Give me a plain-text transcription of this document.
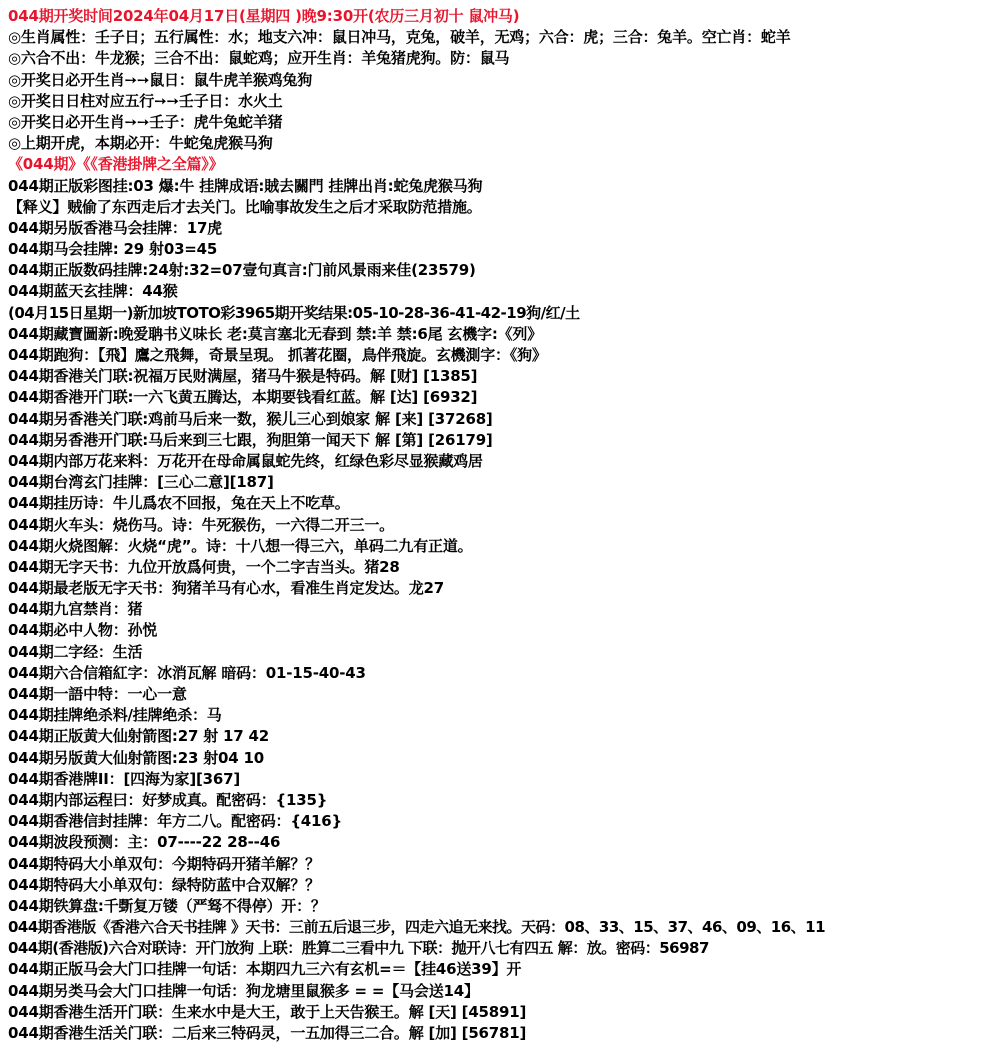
044期开奖时间2024年04月17日(星期四 )晚9:30开(农历三月初十 鼠冲马)
◎生肖属性：壬子日；五行属性：水；地支六冲：鼠日冲马，克兔，破羊，无鸡；六合：虎；三合：兔羊。空亡肖：蛇羊
◎六合不出：牛龙猴；三合不出：鼠蛇鸡；应开生肖：羊兔猪虎狗。防：鼠马
◎开奖日必开生肖➙➙鼠日：鼠牛虎羊猴鸡兔狗
◎开奖日日柱对应五行➙➙壬子日：水火土
◎开奖日必开生肖➙➙壬子：虎牛兔蛇羊猪
◎上期开虎，本期必开：牛蛇兔虎猴马狗
《044期》《《香港掛牌之全篇》》
044期正版彩图挂:03 爆:牛 挂牌成语:賊去關門 挂牌出肖:蛇兔虎猴马狗
【释义】贼偷了东西走后才去关门。比喻事故发生之后才采取防范措施。
044期另版香港马会挂牌：17虎
044期马会挂牌: 29 射03=45
044期正版数码挂牌:24射:32=07壹句真言:门前风景雨来佳(23579)
044期蓝天玄挂牌：44猴
(04月15日星期一)新加坡TOTO彩3965期开奖结果:05-10-28-36-41-42-19狗/红/土
044期藏寶圖新:晚爱聃书义味长 老:莫言塞北无春到 禁:羊 禁:6尾 玄機字:《列》
044期跑狗：【飛】鷹之飛舞，奇景呈現。 抓著花圈，鳥伴飛旋。玄機測字：《狗》
044期香港关门联:祝福万民财满屋，猪马牛猴是特码。解 [财] [1385]
044期香港开门联:一六飞黄五腾达，本期要钱看红蓝。解 [达] [6932]
044期另香港关门联:鸡前马后来一数，猴儿三心到娘家 解 [来] [37268]
044期另香港开门联:马后来到三七跟，狗胆第一闻天下 解 [第] [26179]
044期内部万花来料：万花开在母命属鼠蛇先终，红绿色彩尽显猴藏鸡居
044期台湾玄门挂牌：[三心二意][187]
044期挂历诗：牛儿爲农不回报，兔在天上不吃草。
044期火车头：烧伤马。诗：牛死猴伤，一六得二开三一。
044期火烧图解：火烧“虎”。诗：十八想一得三六，单码二九有正道。
044期无字天书：九位开放爲何贵，一个二字吉当头。猪28
044期最老版无字天书：狗猪羊马有心水，看准生肖定发达。龙27
044期九宫禁肖：猪
044期必中人物：孙悦
044期二字经：生活
044期六合信箱紅字：冰消瓦解 暗码：01-15-40-43
044期一語中特：一心一意
044期挂牌绝杀料/挂牌绝杀：马
044期正版黄大仙射箭图:27 射 17 42
044期另版黄大仙射箭图:23 射04 10
044期香港牌II：[四海为家][367]
044期内部运程曰：好梦成真。配密码：{135}
044期香港信封挂牌：年方二八。配密码：{416}
044期波段预测：主：07----22 28--46
044期特码大小单双句：今期特码开猪羊解？？
044期特码大小单双句：绿特防蓝中合双解？？
044期铁算盘:千斲复万镂（严驽不得停）开：？
044期香港版《香港六合天书挂牌 》天书：三前五后退三步，四走六追无来找。天码：08、33、15、37、46、09、16、11
044期(香港版)六合对联诗：开门放狗 上联：胜算二三看中九 下联：抛开八七有四五 解：放。密码：56987
044期正版马会大门口挂牌一句话：本期四九三六有玄机=＝【挂46送39】开
044期另类马会大门口挂牌一句话：狗龙塘里鼠猴多 = =【马会送14】
044期香港生活开门联：生来水中是大王，敢于上天告猴王。解 [天] [45891]
044期香港生活关门联：二后来三特码灵，一五加得三二合。解 [加] [56781]
